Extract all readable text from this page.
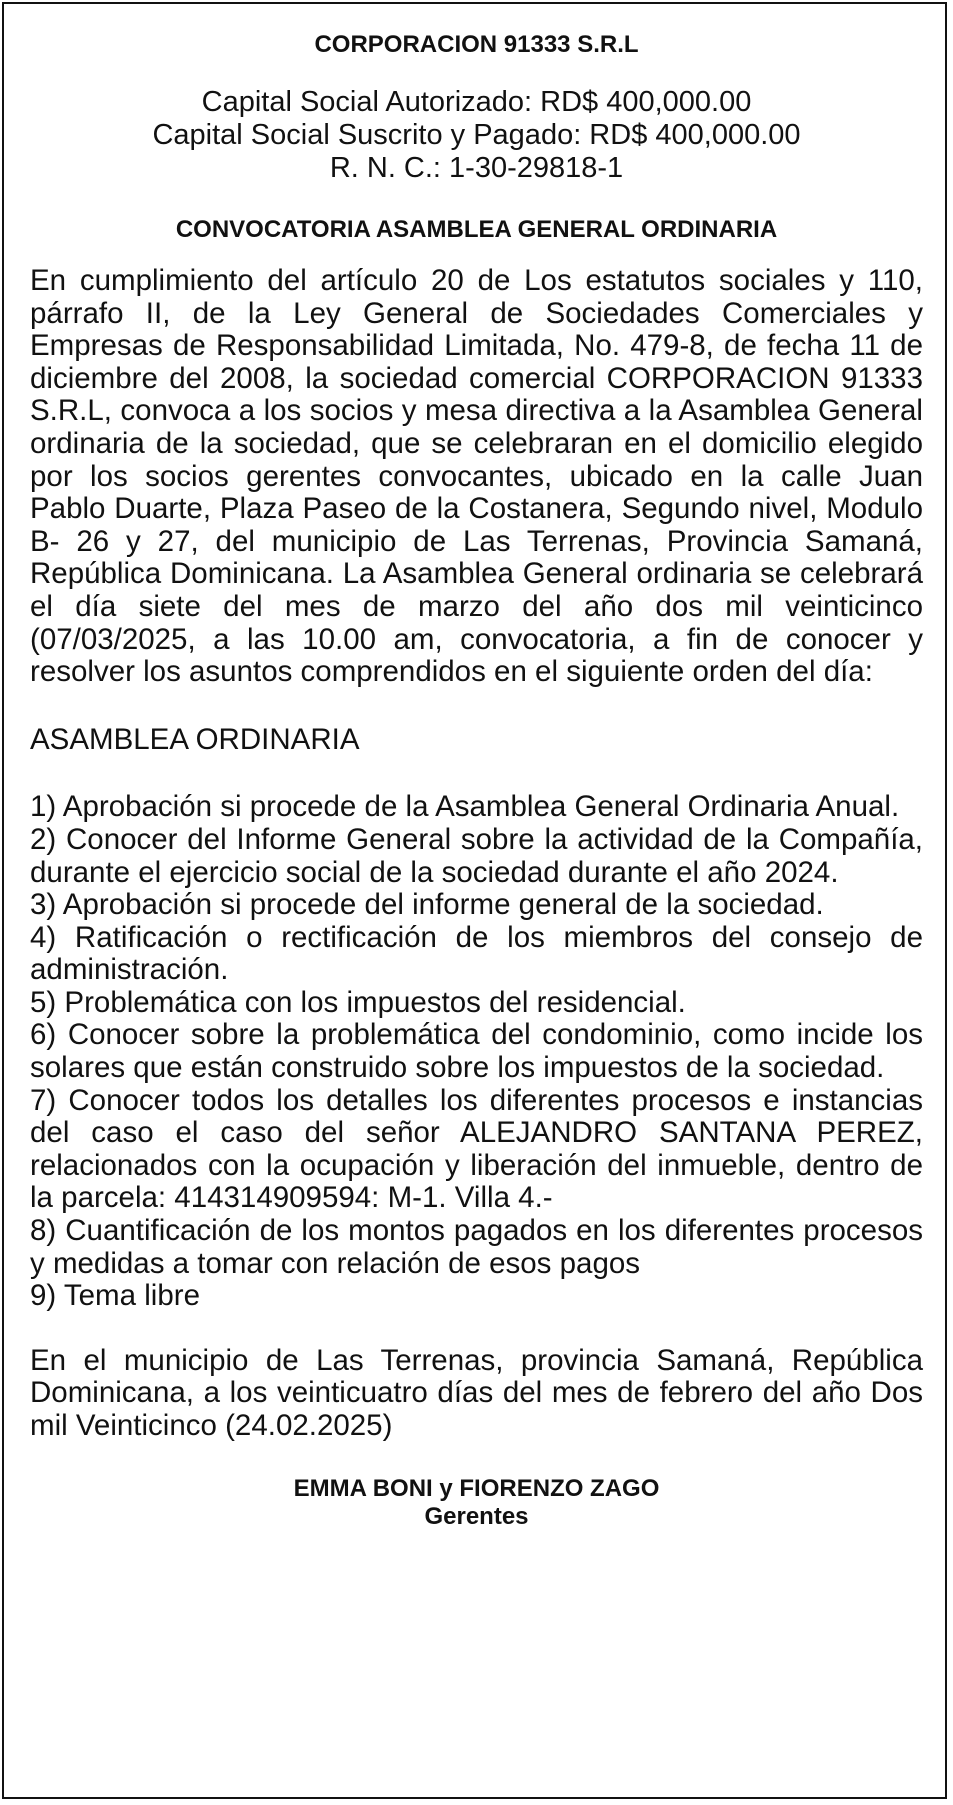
CORPORACION 91333 S.R.L
Capital Social Autorizado: RD$ 400,000.00
Capital Social Suscrito y Pagado: RD$ 400,000.00
R. N. C.: 1-30-29818-1
CONVOCATORIA ASAMBLEA GENERAL ORDINARIA
En cumplimiento del artículo 20 de Los estatutos sociales y 110, párrafo II, de la Ley General de Sociedades Comerciales y Empresas de Responsabilidad Limitada, No. 479-8, de fecha 11 de diciembre del 2008, la sociedad comercial CORPORACION 91333 S.R.L, convoca a los socios y mesa directiva a la Asamblea General ordinaria de la sociedad, que se celebraran en el domicilio elegido por los socios gerentes convocantes, ubicado en la calle Juan Pablo Duarte, Plaza Paseo de la Costanera, Segundo nivel, Modulo B- 26 y 27, del municipio de Las Terrenas, Provincia Samaná, República Dominicana. La Asamblea General ordinaria se celebrará el día siete del mes de marzo del año dos mil veinticinco (07/03/2025, a las 10.00 am, convocatoria, a fin de conocer y resolver los asuntos comprendidos en el siguiente orden del día:
ASAMBLEA ORDINARIA
1) Aprobación si procede de la Asamblea General Ordinaria Anual.
2) Conocer del Informe General sobre la actividad de la Compañía, durante el ejercicio social de la sociedad durante el año 2024.
3) Aprobación si procede del informe general de la sociedad.
4) Ratificación o rectificación de los miembros del consejo de administración.
5) Problemática con los impuestos del residencial.
6) Conocer sobre la problemática del condominio, como incide los solares que están construido sobre los impuestos de la sociedad.
7) Conocer todos los detalles los diferentes procesos e instancias del caso el caso del señor ALEJANDRO SANTANA PEREZ, relacionados con la ocupación y liberación del inmueble, dentro de la parcela: 414314909594: M-1. Villa 4.-
8) Cuantificación de los montos pagados en los diferentes procesos y medidas a tomar con relación de esos pagos
9) Tema libre
En el municipio de Las Terrenas, provincia Samaná, República Dominicana, a los veinticuatro días del mes de febrero del año Dos mil Veinticinco (24.02.2025)
EMMA BONI y FIORENZO ZAGO
Gerentes
